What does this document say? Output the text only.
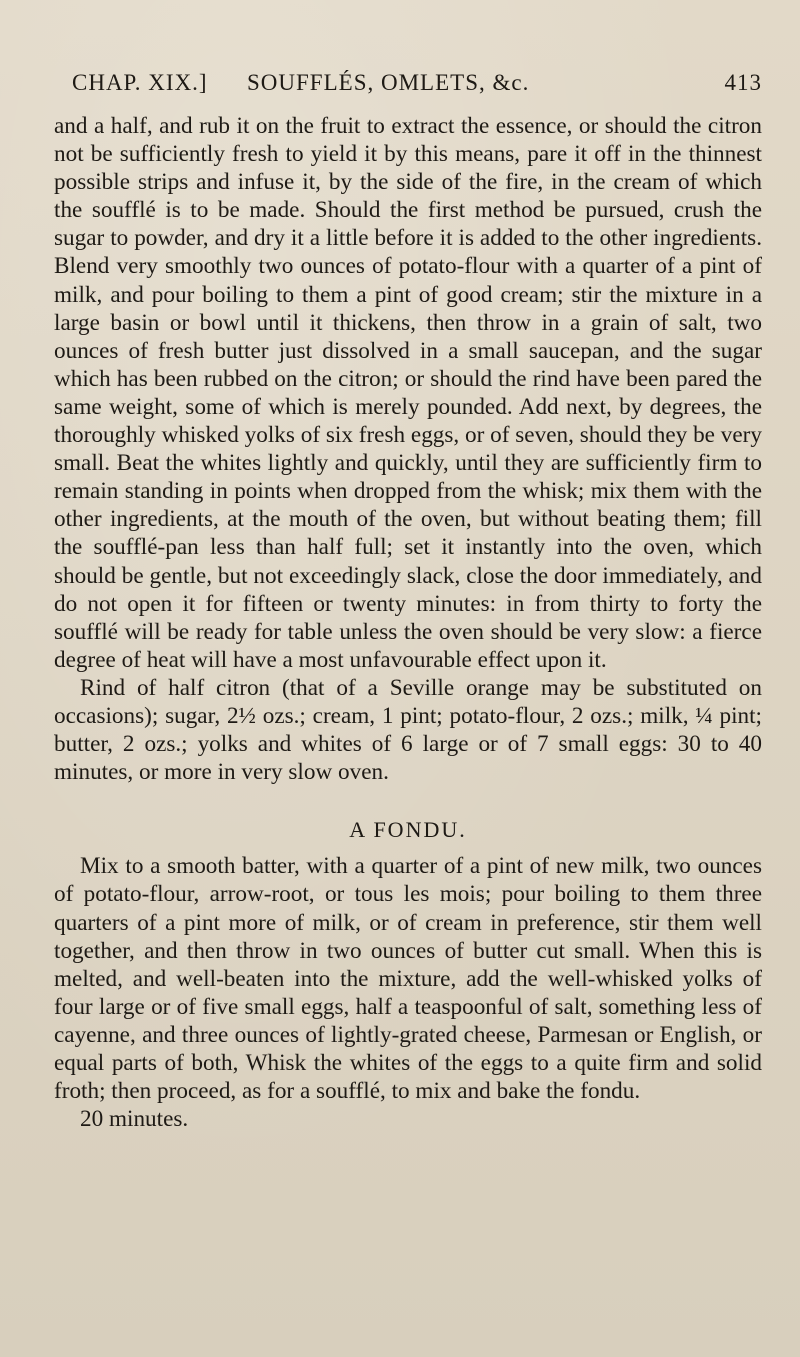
CHAP. XIX.] SOUFFLÉS, OMLETS, &c.	413

and a half, and rub it on the fruit to extract the essence, or should the citron not be sufficiently fresh to yield it by this means, pare it off in the thinnest possible strips and infuse it, by the side of the fire, in the cream of which the soufflé is to be made. Should the first method be pursued, crush the sugar to powder, and dry it a little before it is added to the other ingredients. Blend very smoothly two ounces of potato-flour with a quarter of a pint of milk, and pour boiling to them a pint of good cream; stir the mixture in a large basin or bowl until it thickens, then throw in a grain of salt, two ounces of fresh butter just dissolved in a small saucepan, and the sugar which has been rubbed on the citron; or should the rind have been pared the same weight, some of which is merely pounded. Add next, by degrees, the thoroughly whisked yolks of six fresh eggs, or of seven, should they be very small. Beat the whites lightly and quickly, until they are sufficiently firm to remain standing in points when dropped from the whisk; mix them with the other ingredients, at the mouth of the oven, but without beating them; fill the soufflé-pan less than half full; set it instantly into the oven, which should be gentle, but not exceedingly slack, close the door immediately, and do not open it for fifteen or twenty minutes: in from thirty to forty the soufflé will be ready for table unless the oven should be very slow: a fierce degree of heat will have a most unfavourable effect upon it.

Rind of half citron (that of a Seville orange may be substituted on occasions); sugar, 2½ ozs.; cream, 1 pint; potato-flour, 2 ozs.; milk, ¼ pint; butter, 2 ozs.; yolks and whites of 6 large or of 7 small eggs: 30 to 40 minutes, or more in very slow oven.

A FONDU.

Mix to a smooth batter, with a quarter of a pint of new milk, two ounces of potato-flour, arrow-root, or tous les mois; pour boiling to them three quarters of a pint more of milk, or of cream in preference, stir them well together, and then throw in two ounces of butter cut small. When this is melted, and well-beaten into the mixture, add the well-whisked yolks of four large or of five small eggs, half a teaspoonful of salt, something less of cayenne, and three ounces of lightly-grated cheese, Parmesan or English, or equal parts of both, Whisk the whites of the eggs to a quite firm and solid froth; then proceed, as for a soufflé, to mix and bake the fondu.

20 minutes.
